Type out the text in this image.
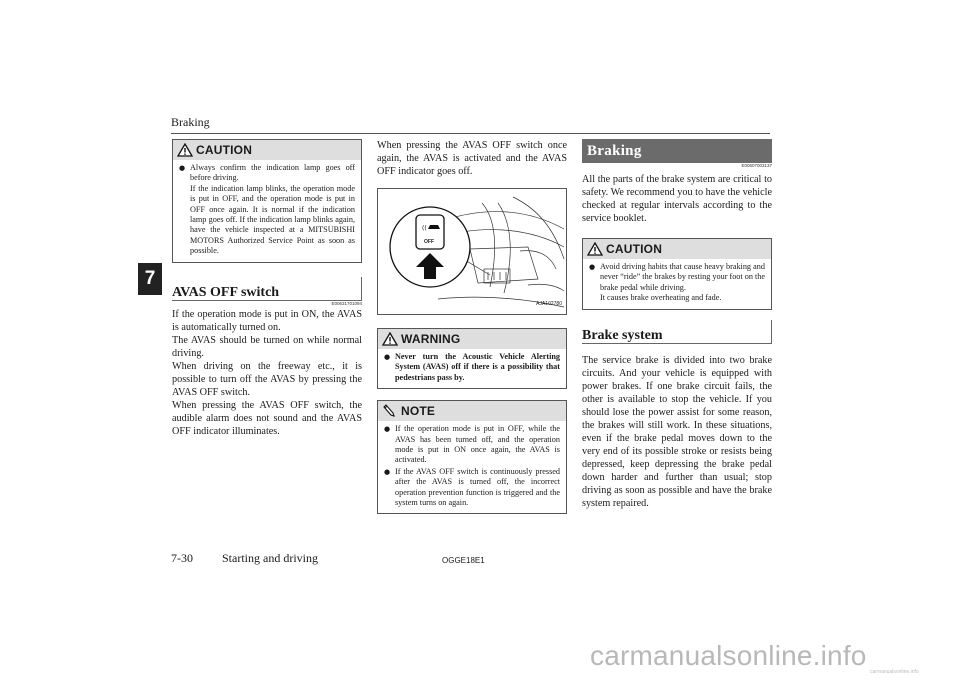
Braking
7
CAUTION
● Always confirm the indication lamp goes off before driving.
If the indication lamp blinks, the operation mode is put in OFF, and the operation mode is put in OFF once again. It is normal if the indication lamp goes off. If the indication lamp blinks again, have the vehicle inspected at a MITSUBISHI MOTORS Authorized Service Point as soon as possible.
AVAS OFF switch
E00631701094

If the operation mode is put in ON, the AVAS is automatically turned on.
The AVAS should be turned on while normal driving.
When driving on the freeway etc., it is possible to turn off the AVAS by pressing the AVAS OFF switch.
When pressing the AVAS OFF switch, the audible alarm does not sound and the AVAS OFF indicator illuminates.

When pressing the AVAS OFF switch once again, the AVAS is activated and the AVAS OFF indicator goes off.

((
OFF
AJA102780
WARNING
● Never turn the Acoustic Vehicle Alerting System (AVAS) off if there is a possibility that pedestrians pass by.
NOTE
● If the operation mode is put in OFF, while the AVAS has been turned off, and the operation mode is put in ON once again, the AVAS is activated.
● If the AVAS OFF switch is continuously pressed after the AVAS is turned off, the incorrect operation prevention function is triggered and the system turns on again.
Braking
E00607003137

All the parts of the brake system are critical to safety. We recommend you to have the vehicle checked at regular intervals according to the service booklet.

CAUTION
● Avoid driving habits that cause heavy braking and never “ride” the brakes by resting your foot on the brake pedal while driving.
It causes brake overheating and fade.
Brake system

The service brake is divided into two brake circuits. And your vehicle is equipped with power brakes. If one brake circuit fails, the other is available to stop the vehicle. If you should lose the power assist for some reason, the brakes will still work. In these situations, even if the brake pedal moves down to the very end of its possible stroke or resists being depressed, keep depressing the brake pedal down harder and further than usual; stop driving as soon as possible and have the brake system repaired.

7-30 Starting and driving	OGGE18E1
carmanualsonline.info
carmanualsonline.info
